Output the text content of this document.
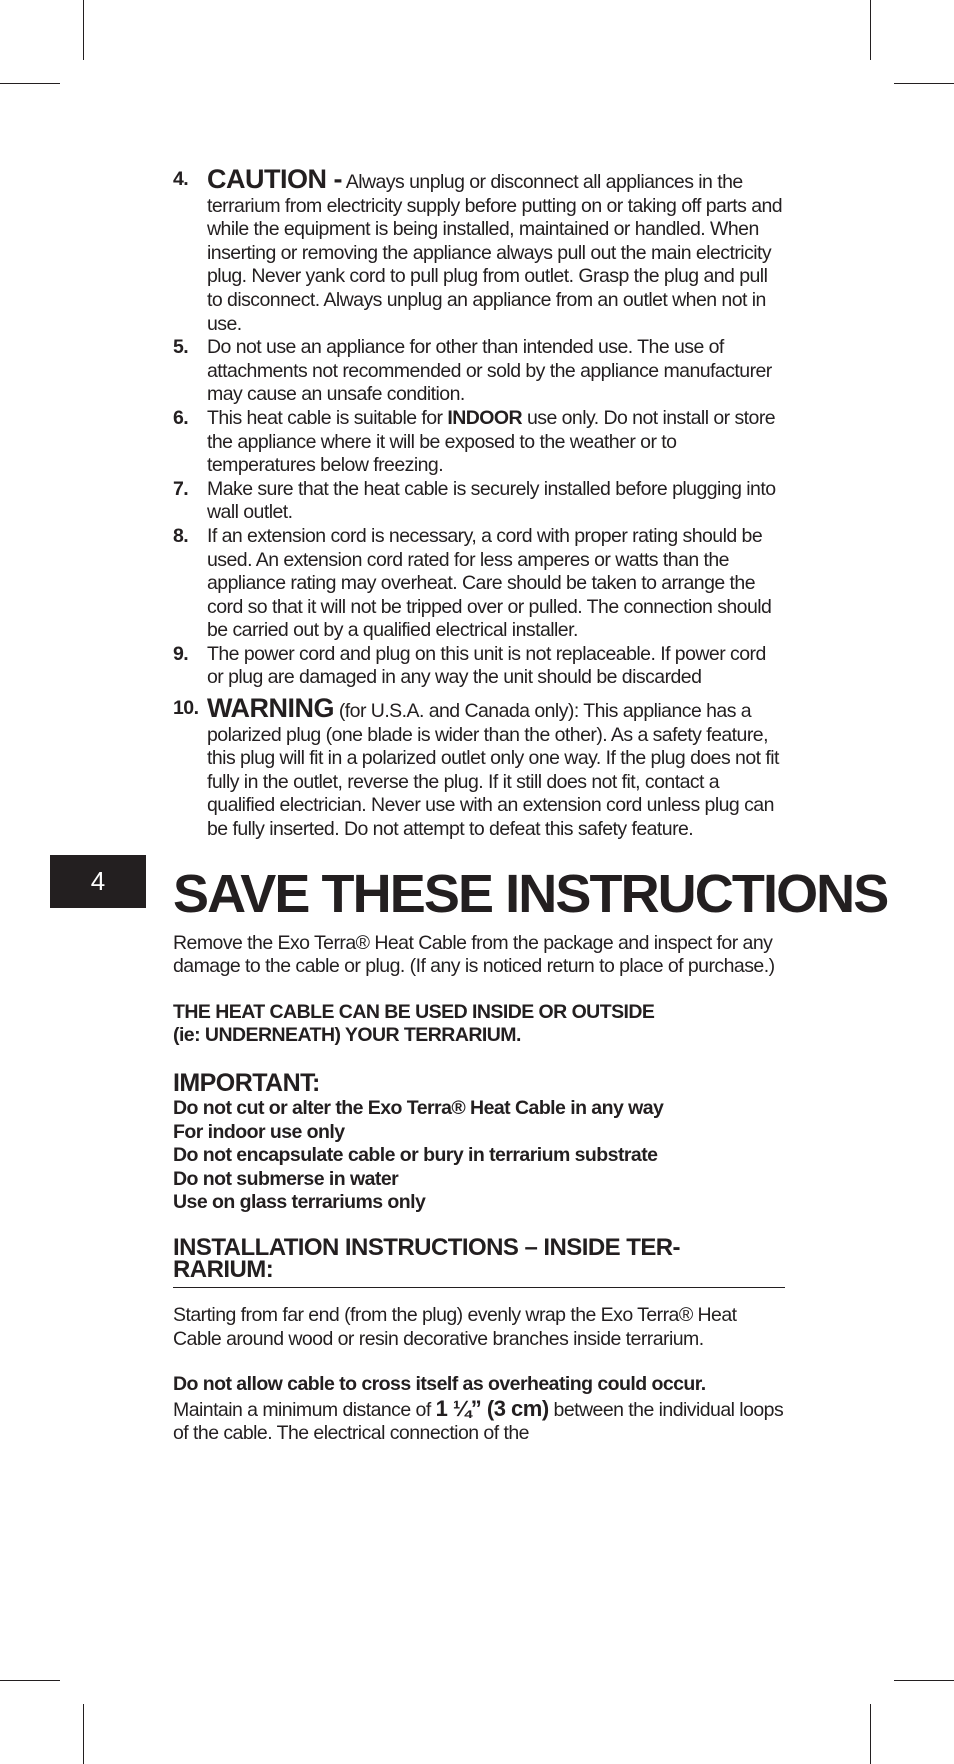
4
4. CAUTION - Always unplug or disconnect all appliances in the terrarium from electricity supply before putting on or taking off parts and while the equipment is being installed, maintained or handled. When inserting or removing the appliance always pull out the main electricity plug. Never yank cord to pull plug from outlet. Grasp the plug and pull to disconnect. Always unplug an appliance from an outlet when not in use.
5. Do not use an appliance for other than intended use. The use of attachments not recommended or sold by the appliance manufacturer may cause an unsafe condition.
6. This heat cable is suitable for INDOOR use only. Do not install or store the appliance where it will be exposed to the weather or to temperatures below freezing.
7. Make sure that the heat cable is securely installed before plugging into wall outlet.
8. If an extension cord is necessary, a cord with proper rating should be used. An extension cord rated for less amperes or watts than the appliance rating may overheat. Care should be taken to arrange the cord so that it will not be tripped over or pulled. The connection should be carried out by a qualified electrical installer.
9. The power cord and plug on this unit is not replaceable. If power cord or plug are damaged in any way the unit should be discarded
10. WARNING (for U.S.A. and Canada only): This appliance has a polarized plug (one blade is wider than the other). As a safety feature, this plug will fit in a polarized outlet only one way. If the plug does not fit fully in the outlet, reverse the plug. If it still does not fit, contact a qualified electrician. Never use with an extension cord unless plug can be fully inserted. Do not attempt to defeat this safety feature.
SAVE THESE INSTRUCTIONS

Remove the Exo Terra® Heat Cable from the package and inspect for any damage to the cable or plug. (If any is noticed return to place of purchase.)

THE HEAT CABLE CAN BE USED INSIDE OR OUTSIDE
(ie: UNDERNEATH) YOUR TERRARIUM.
IMPORTANT:
Do not cut or alter the Exo Terra® Heat Cable in any way
For indoor use only
Do not encapsulate cable or bury in terrarium substrate
Do not submerse in water
Use on glass terrariums only
INSTALLATION INSTRUCTIONS – INSIDE TER-
RARIUM:

Starting from far end (from the plug) evenly wrap the Exo Terra® Heat Cable around wood or resin decorative branches inside terrarium.

Do not allow cable to cross itself as overheating could occur.

Maintain a minimum distance of 1 ¼” (3 cm) between the individual loops of the cable. The electrical connection of the
